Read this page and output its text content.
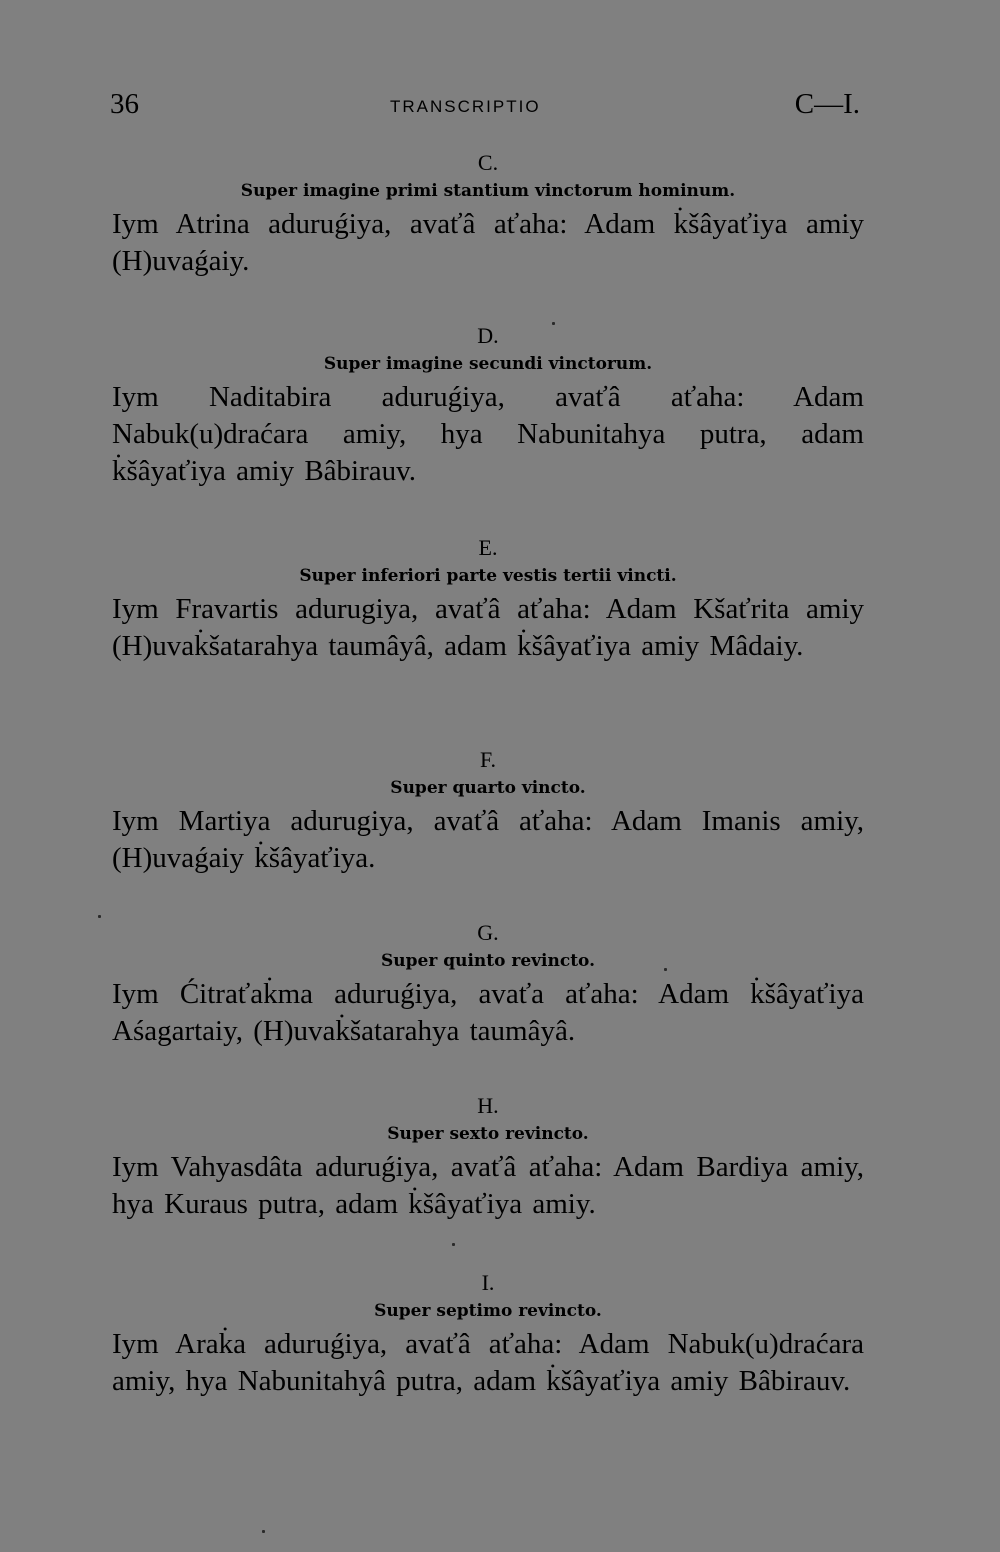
36	TRANSCRIPTIO	C—I.

C.

Super imagine primi stantium vinctorum hominum.

Iym Atrina aduruǵiya, avaťâ aťaha: Adam k̇šâyaťiya amiy (H)uvaǵaiy.

D.

Super imagine secundi vinctorum.

Iym Naditabira aduruǵiya, avaťâ aťaha: Adam Nabuk(u)draćara amiy, hya Nabunitahya putra, adam k̇šâyaťiya amiy Bâbirauv.

E.

Super inferiori parte vestis tertii vincti.

Iym Fravartis adurugiya, avaťâ aťaha: Adam Kšaťrita amiy (H)uvak̇šatarahya taumâyâ, adam k̇šâyaťiya amiy Mâdaiy.

F.

Super quarto vincto.

Iym Martiya adurugiya, avaťâ aťaha: Adam Imanis amiy, (H)uvaǵaiy k̇šâyaťiya.

G.

Super quinto revincto.

Iym Ćitraťak̇ma aduruǵiya, avaťa aťaha: Adam k̇šâyaťiya Aśagartaiy, (H)uvak̇šatarahya taumâyâ.

H.

Super sexto revincto.

Iym Vahyasdâta aduruǵiya, avaťâ aťaha: Adam Bardiya amiy, hya Kuraus putra, adam k̇šâyaťiya amiy.

I.

Super septimo revincto.

Iym Arak̇a aduruǵiya, avaťâ aťaha: Adam Nabuk(u)draćara amiy, hya Nabunitahyâ putra, adam k̇šâyaťiya amiy Bâbirauv.
